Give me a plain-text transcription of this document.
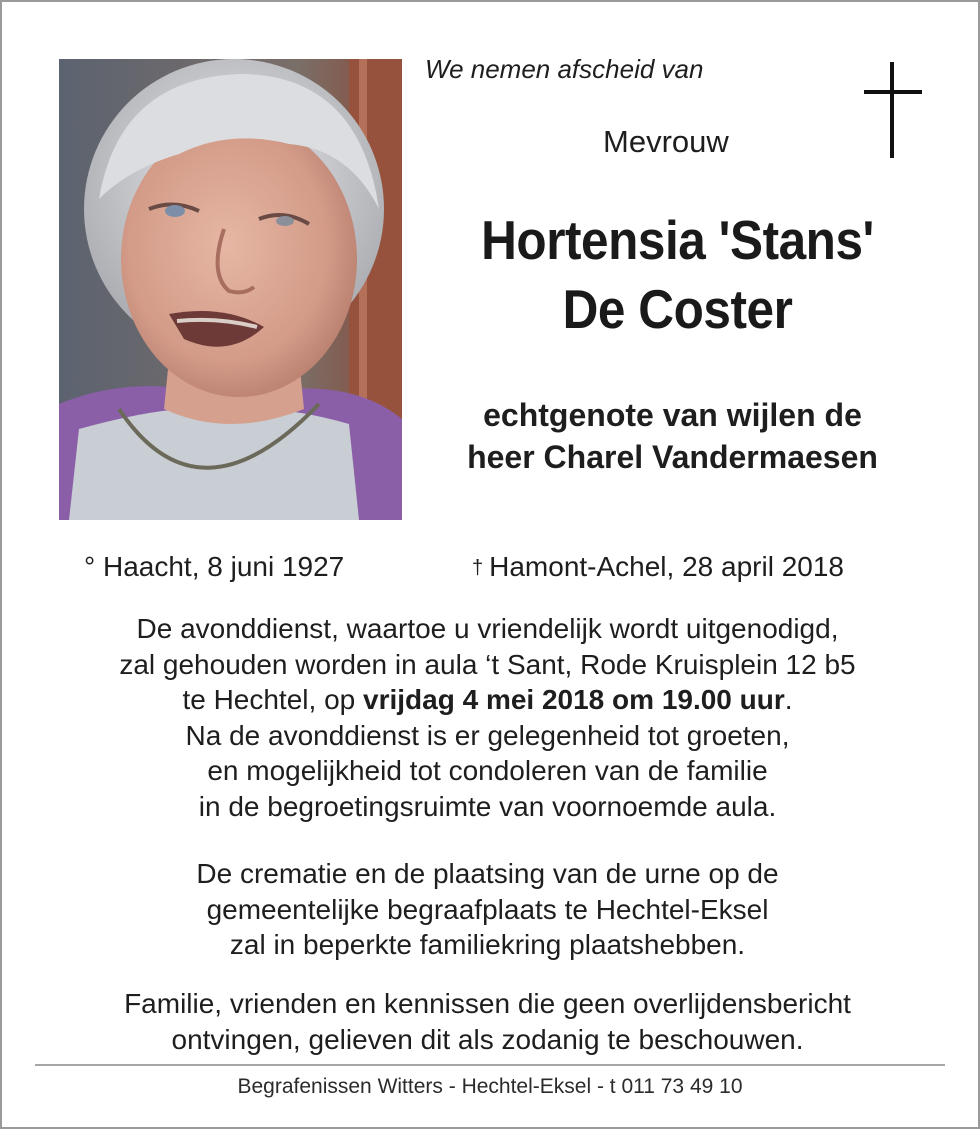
We nemen afscheid van
Mevrouw
Hortensia 'Stans'
De Coster
echtgenote van wijlen de
heer Charel Vandermaesen
° Haacht, 8 juni 1927	† Hamont-Achel, 28 april 2018
De avonddienst, waartoe u vriendelijk wordt uitgenodigd,
zal gehouden worden in aula ‘t Sant, Rode Kruisplein 12 b5
te Hechtel, op vrijdag 4 mei 2018 om 19.00 uur.
Na de avonddienst is er gelegenheid tot groeten,
en mogelijkheid tot condoleren van de familie
in de begroetingsruimte van voornoemde aula.
De crematie en de plaatsing van de urne op de
gemeentelijke begraafplaats te Hechtel-Eksel
zal in beperkte familiekring plaatshebben.
Familie, vrienden en kennissen die geen overlijdensbericht
ontvingen, gelieven dit als zodanig te beschouwen.
Begrafenissen Witters - Hechtel-Eksel - t 011 73 49 10
